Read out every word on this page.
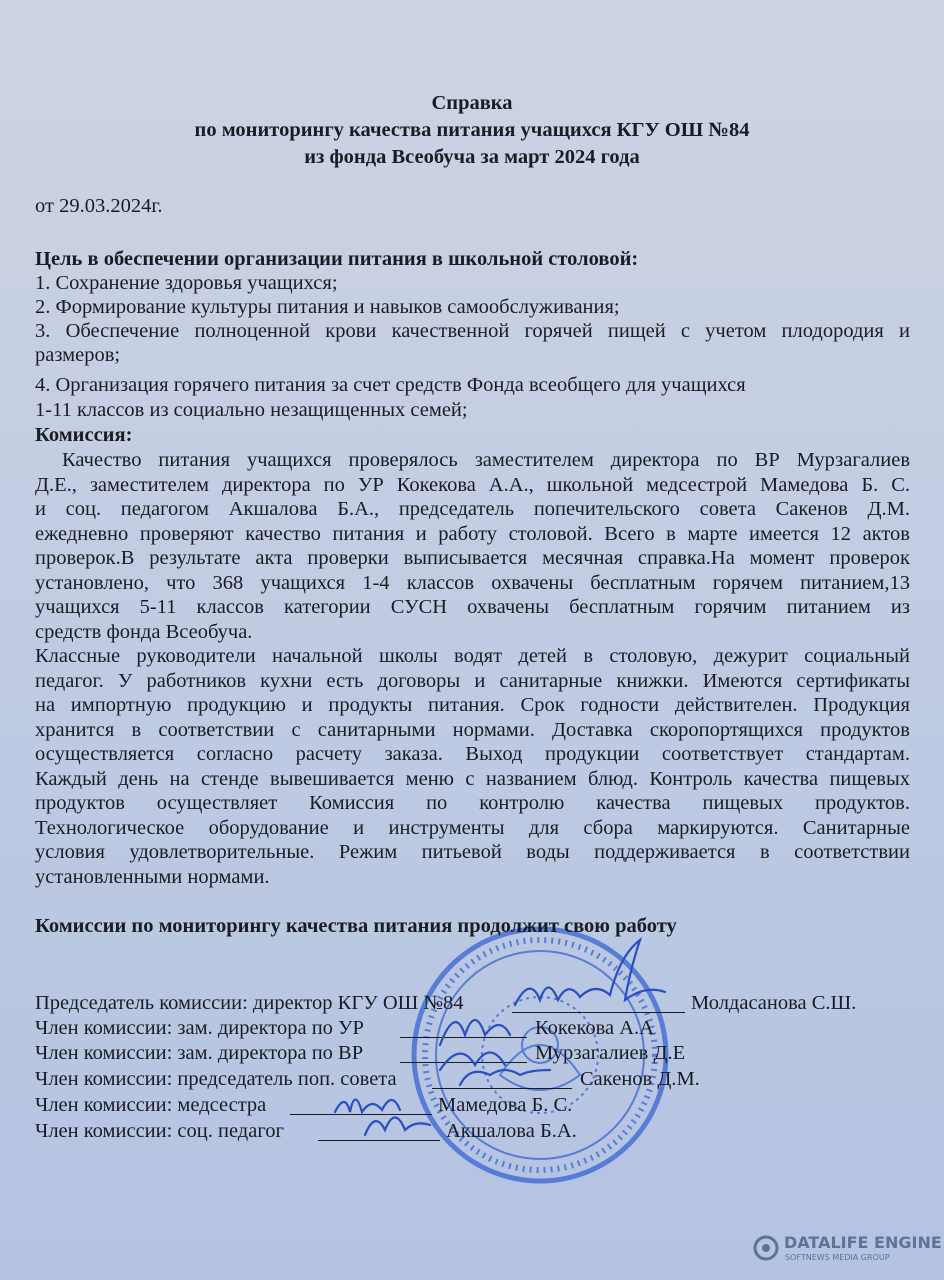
Справка
по мониторингу качества питания учащихся КГУ ОШ №84
из фонда Всеобуча за март 2024 года
от 29.03.2024г.
Цель в обеспечении организации питания в школьной столовой:
1. Сохранение здоровья учащихся;
2. Формирование культуры питания и навыков самообслуживания;
3. Обеспечение полноценной крови качественной горячей пищей с учетом плодородия и
размеров;
4. Организация горячего питания за счет средств Фонда всеобщего для учащихся
1-11 классов из социально незащищенных семей;
Комиссия:
Качество питания учащихся проверялось заместителем директора по ВР Мурзагалиев
Д.Е., заместителем директора по УР Кокекова А.А., школьной медсестрой Мамедова Б. С.
и соц. педагогом Акшалова Б.А., председатель попечительского совета Сакенов Д.М.
ежедневно проверяют качество питания и работу столовой. Всего в марте имеется 12 актов
проверок.В результате акта проверки выписывается месячная справка.На момент проверок
установлено, что 368 учащихся 1-4 классов охвачены бесплатным горячем питанием,13
учащихся 5-11 классов категории СУСН охвачены бесплатным горячим питанием из
средств фонда Всеобуча.
Классные руководители начальной школы водят детей в столовую, дежурит социальный
педагог. У работников кухни есть договоры и санитарные книжки. Имеются сертификаты
на импортную продукцию и продукты питания. Срок годности действителен. Продукция
хранится в соответствии с санитарными нормами. Доставка скоропортящихся продуктов
осуществляется согласно расчету заказа. Выход продукции соответствует стандартам.
Каждый день на стенде вывешивается меню с названием блюд. Контроль качества пищевых
продуктов осуществляет Комиссия по контролю качества пищевых продуктов.
Технологическое оборудование и инструменты для сбора маркируются. Санитарные
условия удовлетворительные. Режим питьевой воды поддерживается в соответствии
установленными нормами.
Комиссии по мониторингу качества питания продолжит свою работу
Председатель комиссии: директор КГУ ОШ №84	Молдасанова С.Ш.
Член комиссии: зам. директора по УР	Кокекова А.А
Член комиссии: зам. директора по ВР	Мурзагалиев Д.Е
Член комиссии: председатель поп. совета	Сакенов Д.М.
Член комиссии: медсестра	Мамедова Б. С.
Член комиссии: соц. педагог	Акшалова Б.А.
DATALIFE ENGINE
SOFTNEWS MEDIA GROUP
